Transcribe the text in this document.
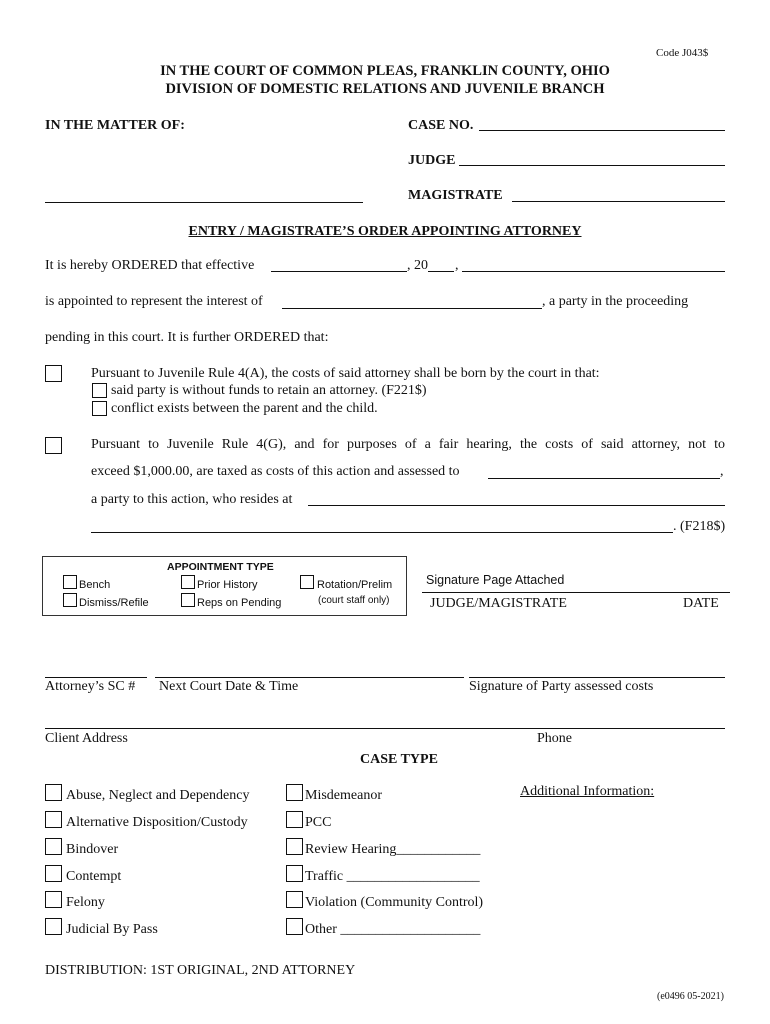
Code J043$
IN THE COURT OF COMMON PLEAS, FRANKLIN COUNTY, OHIO
DIVISION OF DOMESTIC RELATIONS AND JUVENILE BRANCH
IN THE MATTER OF:	CASE NO.
JUDGE
MAGISTRATE
ENTRY / MAGISTRATE’S ORDER APPOINTING ATTORNEY
It is hereby ORDERED that effective	, 20 ,
is appointed to represent the interest of	, a party in the proceeding
pending in this court. It is further ORDERED that:
Pursuant to Juvenile Rule 4(A), the costs of said attorney shall be born by the court in that:
said party is without funds to retain an attorney. (F221$)
conflict exists between the parent and the child.
Pursuant to Juvenile Rule 4(G), and for purposes of a fair hearing, the costs of said attorney, not to
exceed $1,000.00, are taxed as costs of this action and assessed to	,
a party to this action, who resides at
. (F218$)
APPOINTMENT TYPE
Bench	Prior History	Rotation/Prelim
Dismiss/Refile	Reps on Pending	(court staff only)
Signature Page Attached
JUDGE/MAGISTRATE	DATE
Attorney’s SC # Next Court Date & Time	Signature of Party assessed costs
Client Address	Phone
CASE TYPE
Abuse, Neglect and Dependency
Alternative Disposition/Custody
Bindover
Contempt
Felony
Judicial By Pass
Misdemeanor
PCC
Review Hearing____________
Traffic ___________________
Violation (Community Control)
Other ____________________
Additional Information:
DISTRIBUTION: 1ST ORIGINAL, 2ND ATTORNEY
(e0496 05-2021)
